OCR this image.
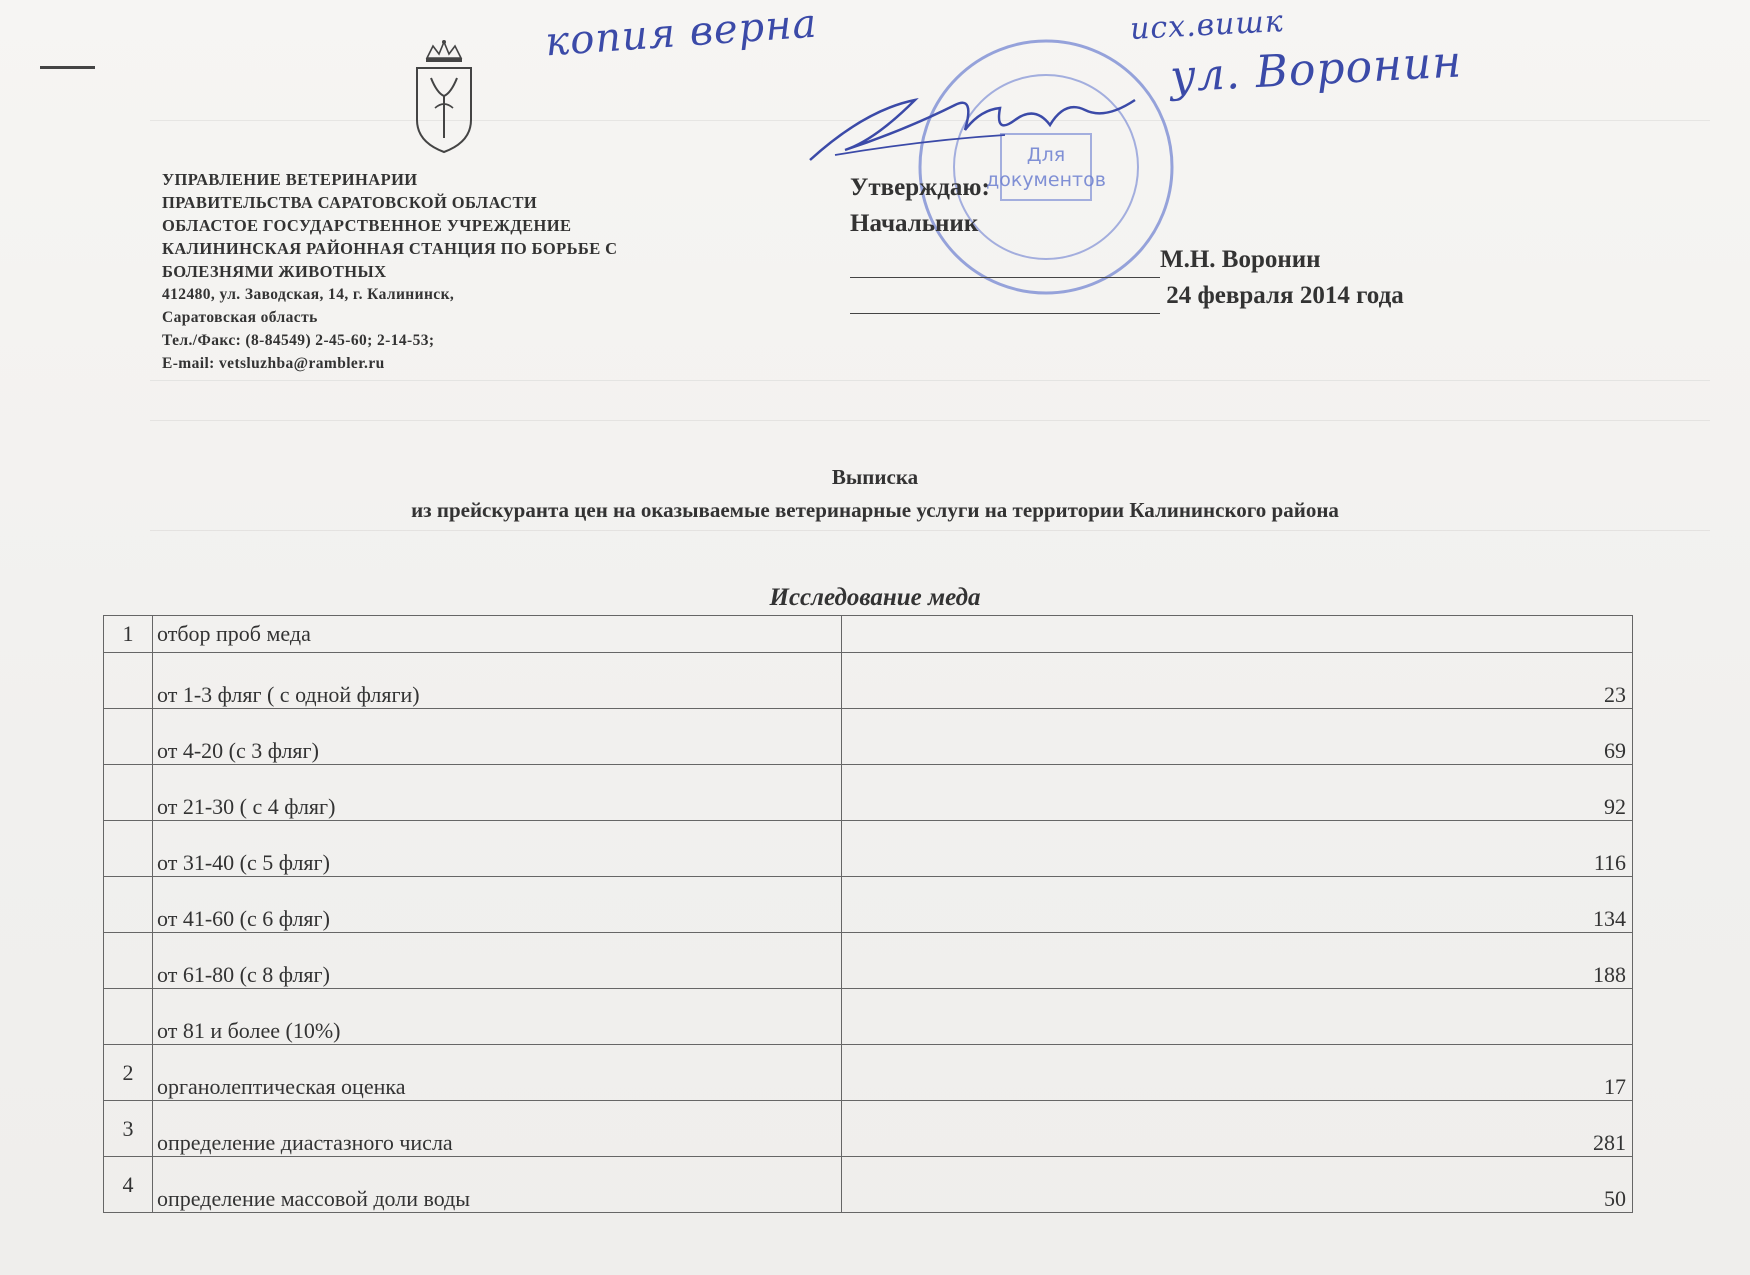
копия верна	исх.вишк
ул. Воронин
УПРАВЛЕНИЕ ВЕТЕРИНАРИИ
ПРАВИТЕЛЬСТВА САРАТОВСКОЙ ОБЛАСТИ
ОБЛАСТОЕ ГОСУДАРСТВЕННОЕ УЧРЕЖДЕНИЕ
КАЛИНИНСКАЯ РАЙОННАЯ СТАНЦИЯ ПО БОРЬБЕ С
БОЛЕЗНЯМИ ЖИВОТНЫХ
412480, ул. Заводская, 14, г. Калининск,
Саратовская область
Тел./Факс: (8-84549) 2-45-60; 2-14-53;
E-mail: vetsluzhba@rambler.ru
Для
документов
Утверждаю:
Начальник
М.Н. Воронин
24 февраля 2014 года
Выписка
из прейскуранта цен на оказываемые ветеринарные услуги на территории Калининского района
Исследование меда
1	отбор проб меда	
	от 1-3 фляг ( с одной фляги)	23
	от 4-20 (с 3 фляг)	69
	от 21-30 ( с 4 фляг)	92
	от 31-40 (с 5 фляг)	116
	от 41-60 (с 6 фляг)	134
	от 61-80 (с 8 фляг)	188
	от 81 и более (10%)	
2	органолептическая оценка	17
3	определение диастазного числа	281
4	определение массовой доли воды	50
